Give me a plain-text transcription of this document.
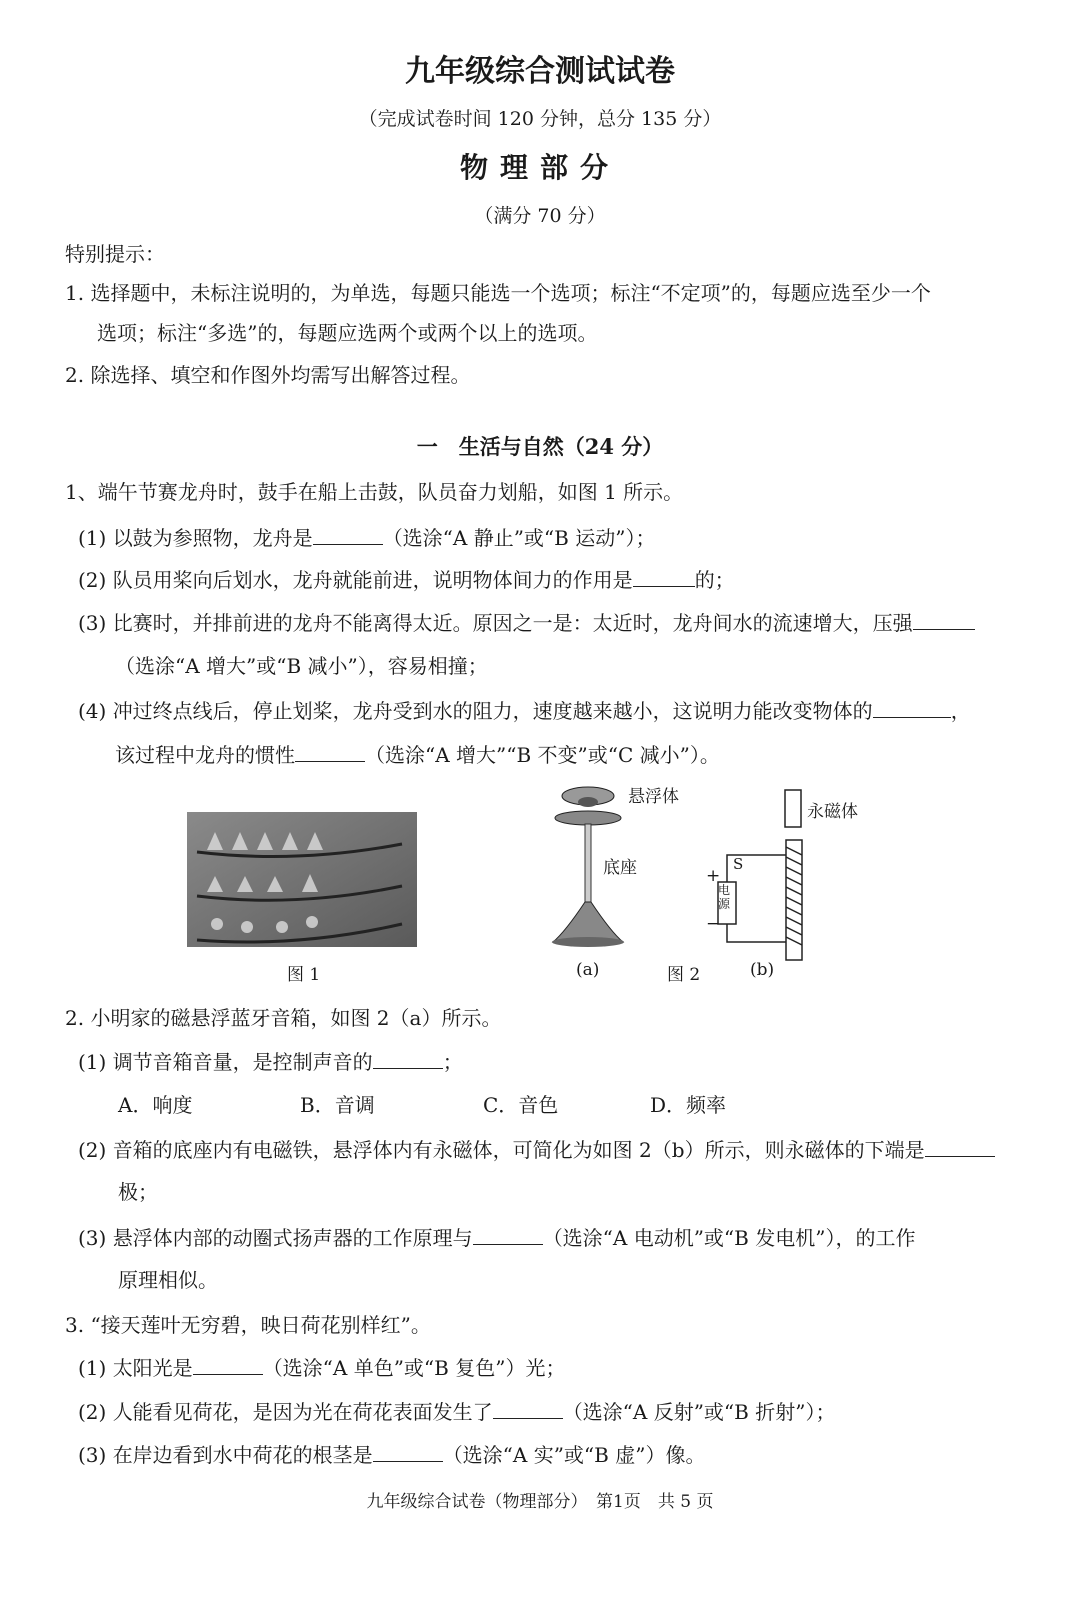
九年级综合测试试卷
（完成试卷时间 120 分钟，总分 135 分）
物理部分
（满分 70 分）
特别提示：
1. 选择题中，未标注说明的，为单选，每题只能选一个选项；标注“不定项”的，每题应选至少一个
选项；标注“多选”的，每题应选两个或两个以上的选项。
2. 除选择、填空和作图外均需写出解答过程。
一　生活与自然（24 分）
1、端午节赛龙舟时，鼓手在船上击鼓，队员奋力划船，如图 1 所示。
(1) 以鼓为参照物，龙舟是	（选涂“A 静止”或“B 运动”）；
(2) 队员用桨向后划水，龙舟就能前进，说明物体间力的作用是	的；
(3) 比赛时，并排前进的龙舟不能离得太近。原因之一是：太近时，龙舟间水的流速增大，压强
（选涂“A 增大”或“B 减小”），容易相撞；
(4) 冲过终点线后，停止划桨，龙舟受到水的阻力，速度越来越小，这说明力能改变物体的	，
该过程中龙舟的惯性	（选涂“A 增大”“B 不变”或“C 减小”）。
图 1
悬浮体
底座
(a)	图 2
永磁体
电源
S
+
−
(b)
2. 小明家的磁悬浮蓝牙音箱，如图 2（a）所示。
(1) 调节音箱音量，是控制声音的	；
A．响度	B．音调	C．音色	D．频率
(2) 音箱的底座内有电磁铁，悬浮体内有永磁体，可简化为如图 2（b）所示，则永磁体的下端是
极；
(3) 悬浮体内部的动圈式扬声器的工作原理与	（选涂“A 电动机”或“B 发电机”），的工作
原理相似。
3. “接天莲叶无穷碧，映日荷花别样红”。
(1) 太阳光是	（选涂“A 单色”或“B 复色”）光；
(2) 人能看见荷花，是因为光在荷花表面发生了	（选涂“A 反射”或“B 折射”）；
(3) 在岸边看到水中荷花的根茎是	（选涂“A 实”或“B 虚”）像。
九年级综合试卷（物理部分）　第1页　共 5 页
